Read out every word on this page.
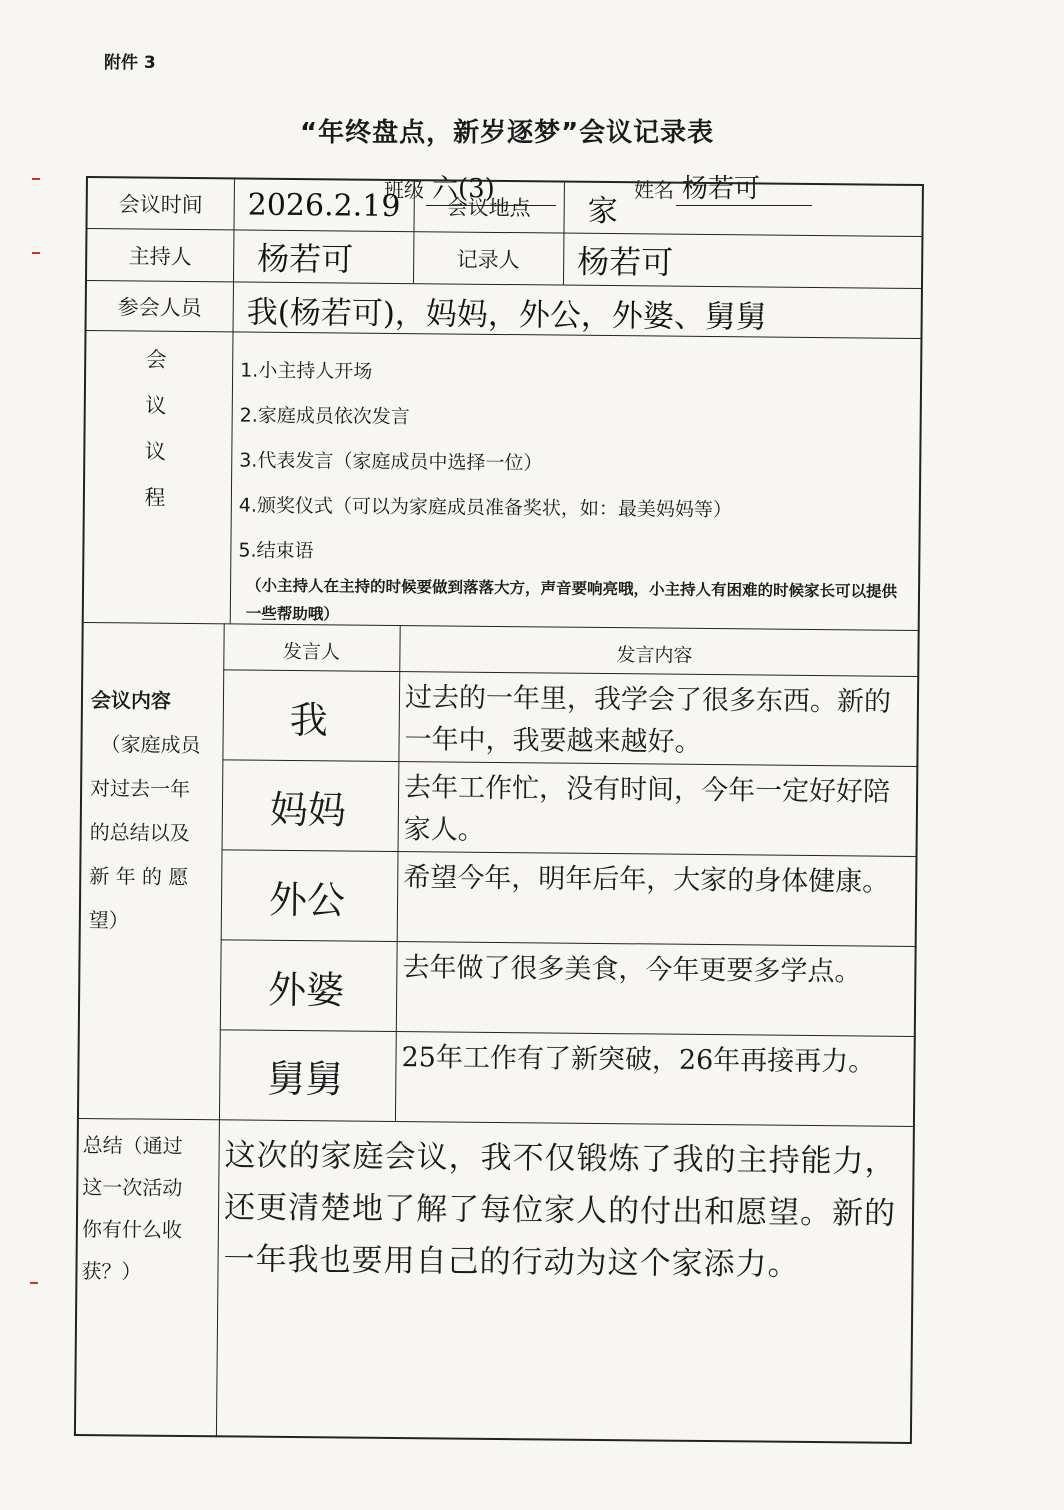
附件 3
“年终盘点，新岁逐梦”会议记录表
班级 六(3)	姓名 杨若可
会议时间	2026.2.19	会议地点	家
主持人	杨若可	记录人	杨若可
参会人员	我(杨若可)，妈妈，外公，外婆、舅舅
会
议
议
程
1.小主持人开场
2.家庭成员依次发言
3.代表发言（家庭成员中选择一位）
4.颁奖仪式（可以为家庭成员准备奖状，如：最美妈妈等）
5.结束语
（小主持人在主持的时候要做到落落大方，声音要响亮哦，小主持人有困难的时候家长可以提供一些帮助哦）
会议内容
（家庭成员
对过去一年
的总结以及
新 年 的 愿
望）
发言人	发言内容
我	过去的一年里，我学会了很多东西。新的一年中，我要越来越好。
妈妈	去年工作忙，没有时间，今年一定好好陪家人。
外公	希望今年，明年后年，大家的身体健康。
外婆	去年做了很多美食，今年更要多学点。
舅舅	25年工作有了新突破，26年再接再力。
总结（通过
这一次活动
你有什么收
获？）
这次的家庭会议，我不仅锻炼了我的主持能力，还更清楚地了解了每位家人的付出和愿望。新的一年我也要用自己的行动为这个家添力。
